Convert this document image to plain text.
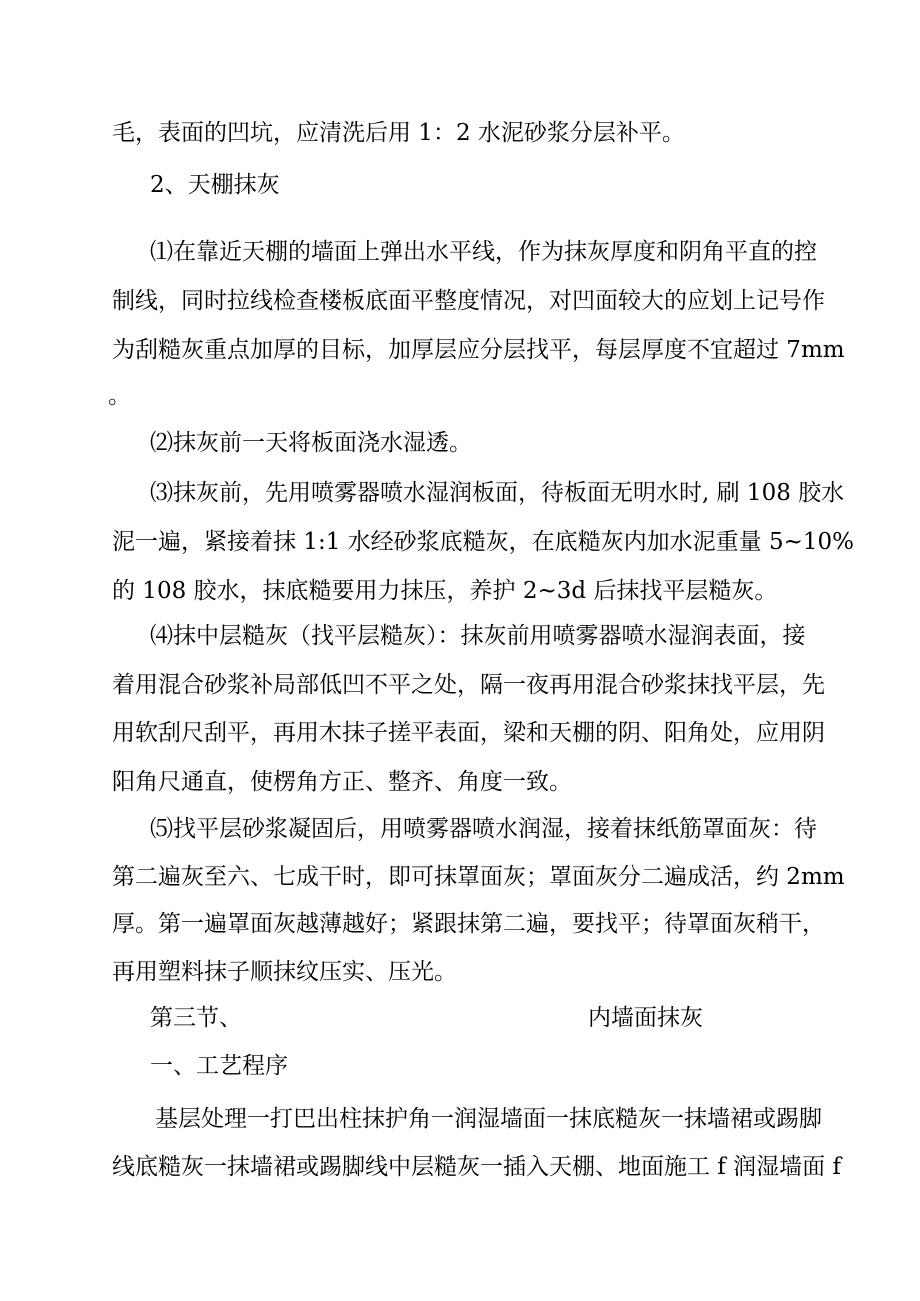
毛，表面的凹坑，应清洗后用 1：2 水泥砂浆分层补平。
2、天棚抹灰
⑴在靠近天棚的墙面上弹出水平线，作为抹灰厚度和阴角平直的控
制线，同时拉线检查楼板底面平整度情况，对凹面较大的应划上记号作
为刮糙灰重点加厚的目标，加厚层应分层找平，每层厚度不宜超过 7mm
。
⑵抹灰前一天将板面浇水湿透。
⑶抹灰前，先用喷雾器喷水湿润板面，待板面无明水时, 刷 108 胶水
泥一遍，紧接着抹 1:1 水经砂浆底糙灰，在底糙灰内加水泥重量 5~10%
的 108 胶水，抹底糙要用力抹压，养护 2~3d 后抹找平层糙灰。
⑷抹中层糙灰（找平层糙灰）：抹灰前用喷雾器喷水湿润表面，接
着用混合砂浆补局部低凹不平之处，隔一夜再用混合砂浆抹找平层，先
用软刮尺刮平，再用木抹子搓平表面，梁和天棚的阴、阳角处，应用阴
阳角尺通直，使楞角方正、整齐、角度一致。
⑸找平层砂浆凝固后，用喷雾器喷水润湿，接着抹纸筋罩面灰：待
第二遍灰至六、七成干时，即可抹罩面灰；罩面灰分二遍成活，约 2mm
厚。第一遍罩面灰越薄越好；紧跟抹第二遍，要找平；待罩面灰稍干，
再用塑料抹子顺抹纹压实、压光。
第三节、	内墙面抹灰
一、工艺程序
基层处理一打巴出柱抹护角一润湿墙面一抹底糙灰一抹墙裙或踢脚
线底糙灰一抹墙裙或踢脚线中层糙灰一插入天棚、地面施工 f 润湿墙面 f
